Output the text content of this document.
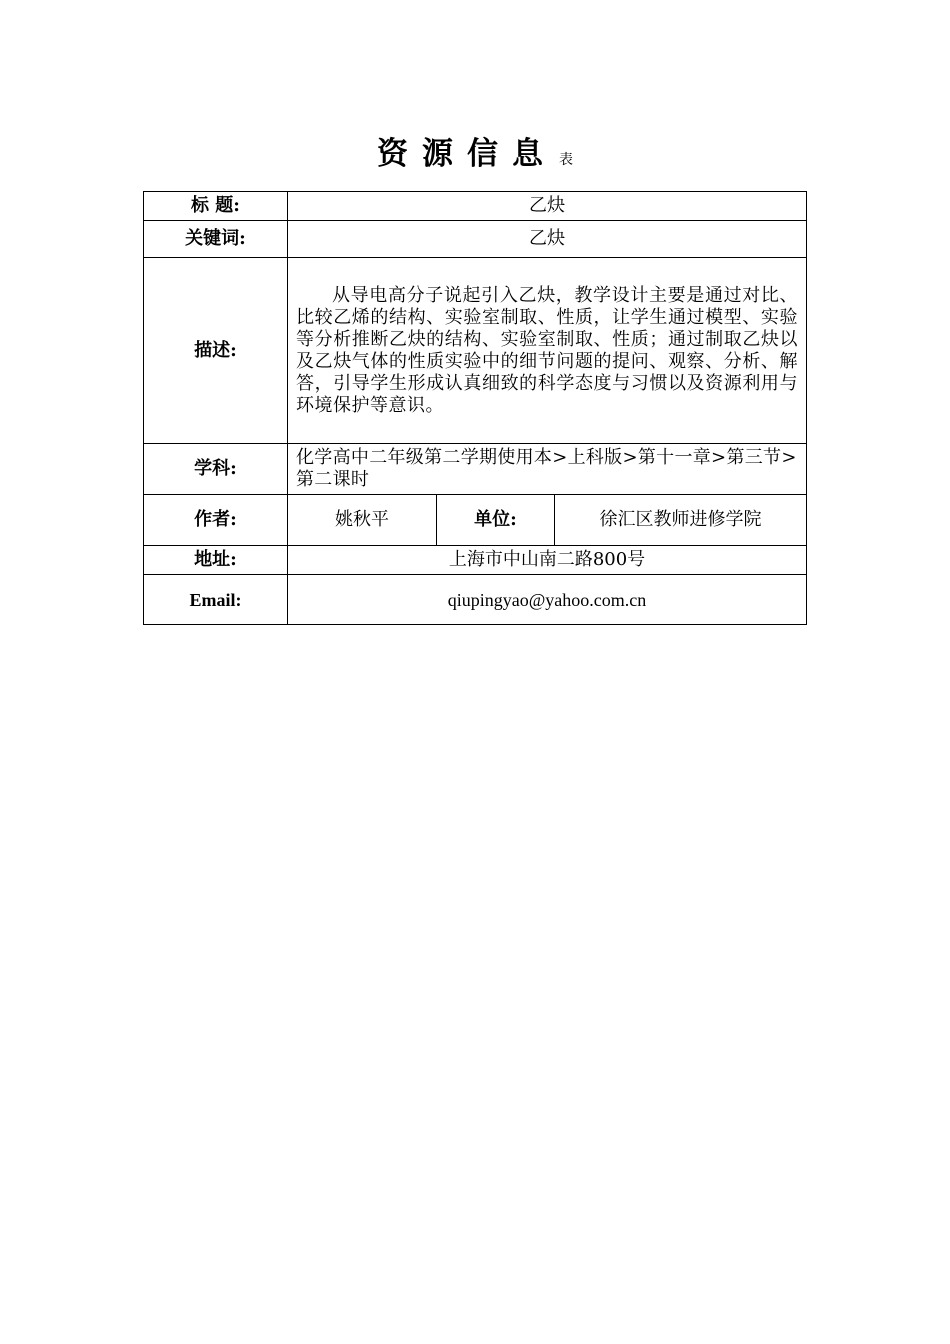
资源信息 表
标 题:	乙炔		
关键词:	乙炔		
描述:	从导电高分子说起引入乙炔，教学设计主要是通过对比、比较乙烯的结构、实验室制取、性质，让学生通过模型、实验等分析推断乙炔的结构、实验室制取、性质；通过制取乙炔以及乙炔气体的性质实验中的细节问题的提问、观察、分析、解答，引导学生形成认真细致的科学态度与习惯以及资源利用与环境保护等意识。		
学科:	化学高中二年级第二学期使用本>上科版>第十一章>第三节>第二课时		
作者:	姚秋平	单位:	徐汇区教师进修学院
地址:	上海市中山南二路800号		
Email:	qiupingyao@yahoo.com.cn		
